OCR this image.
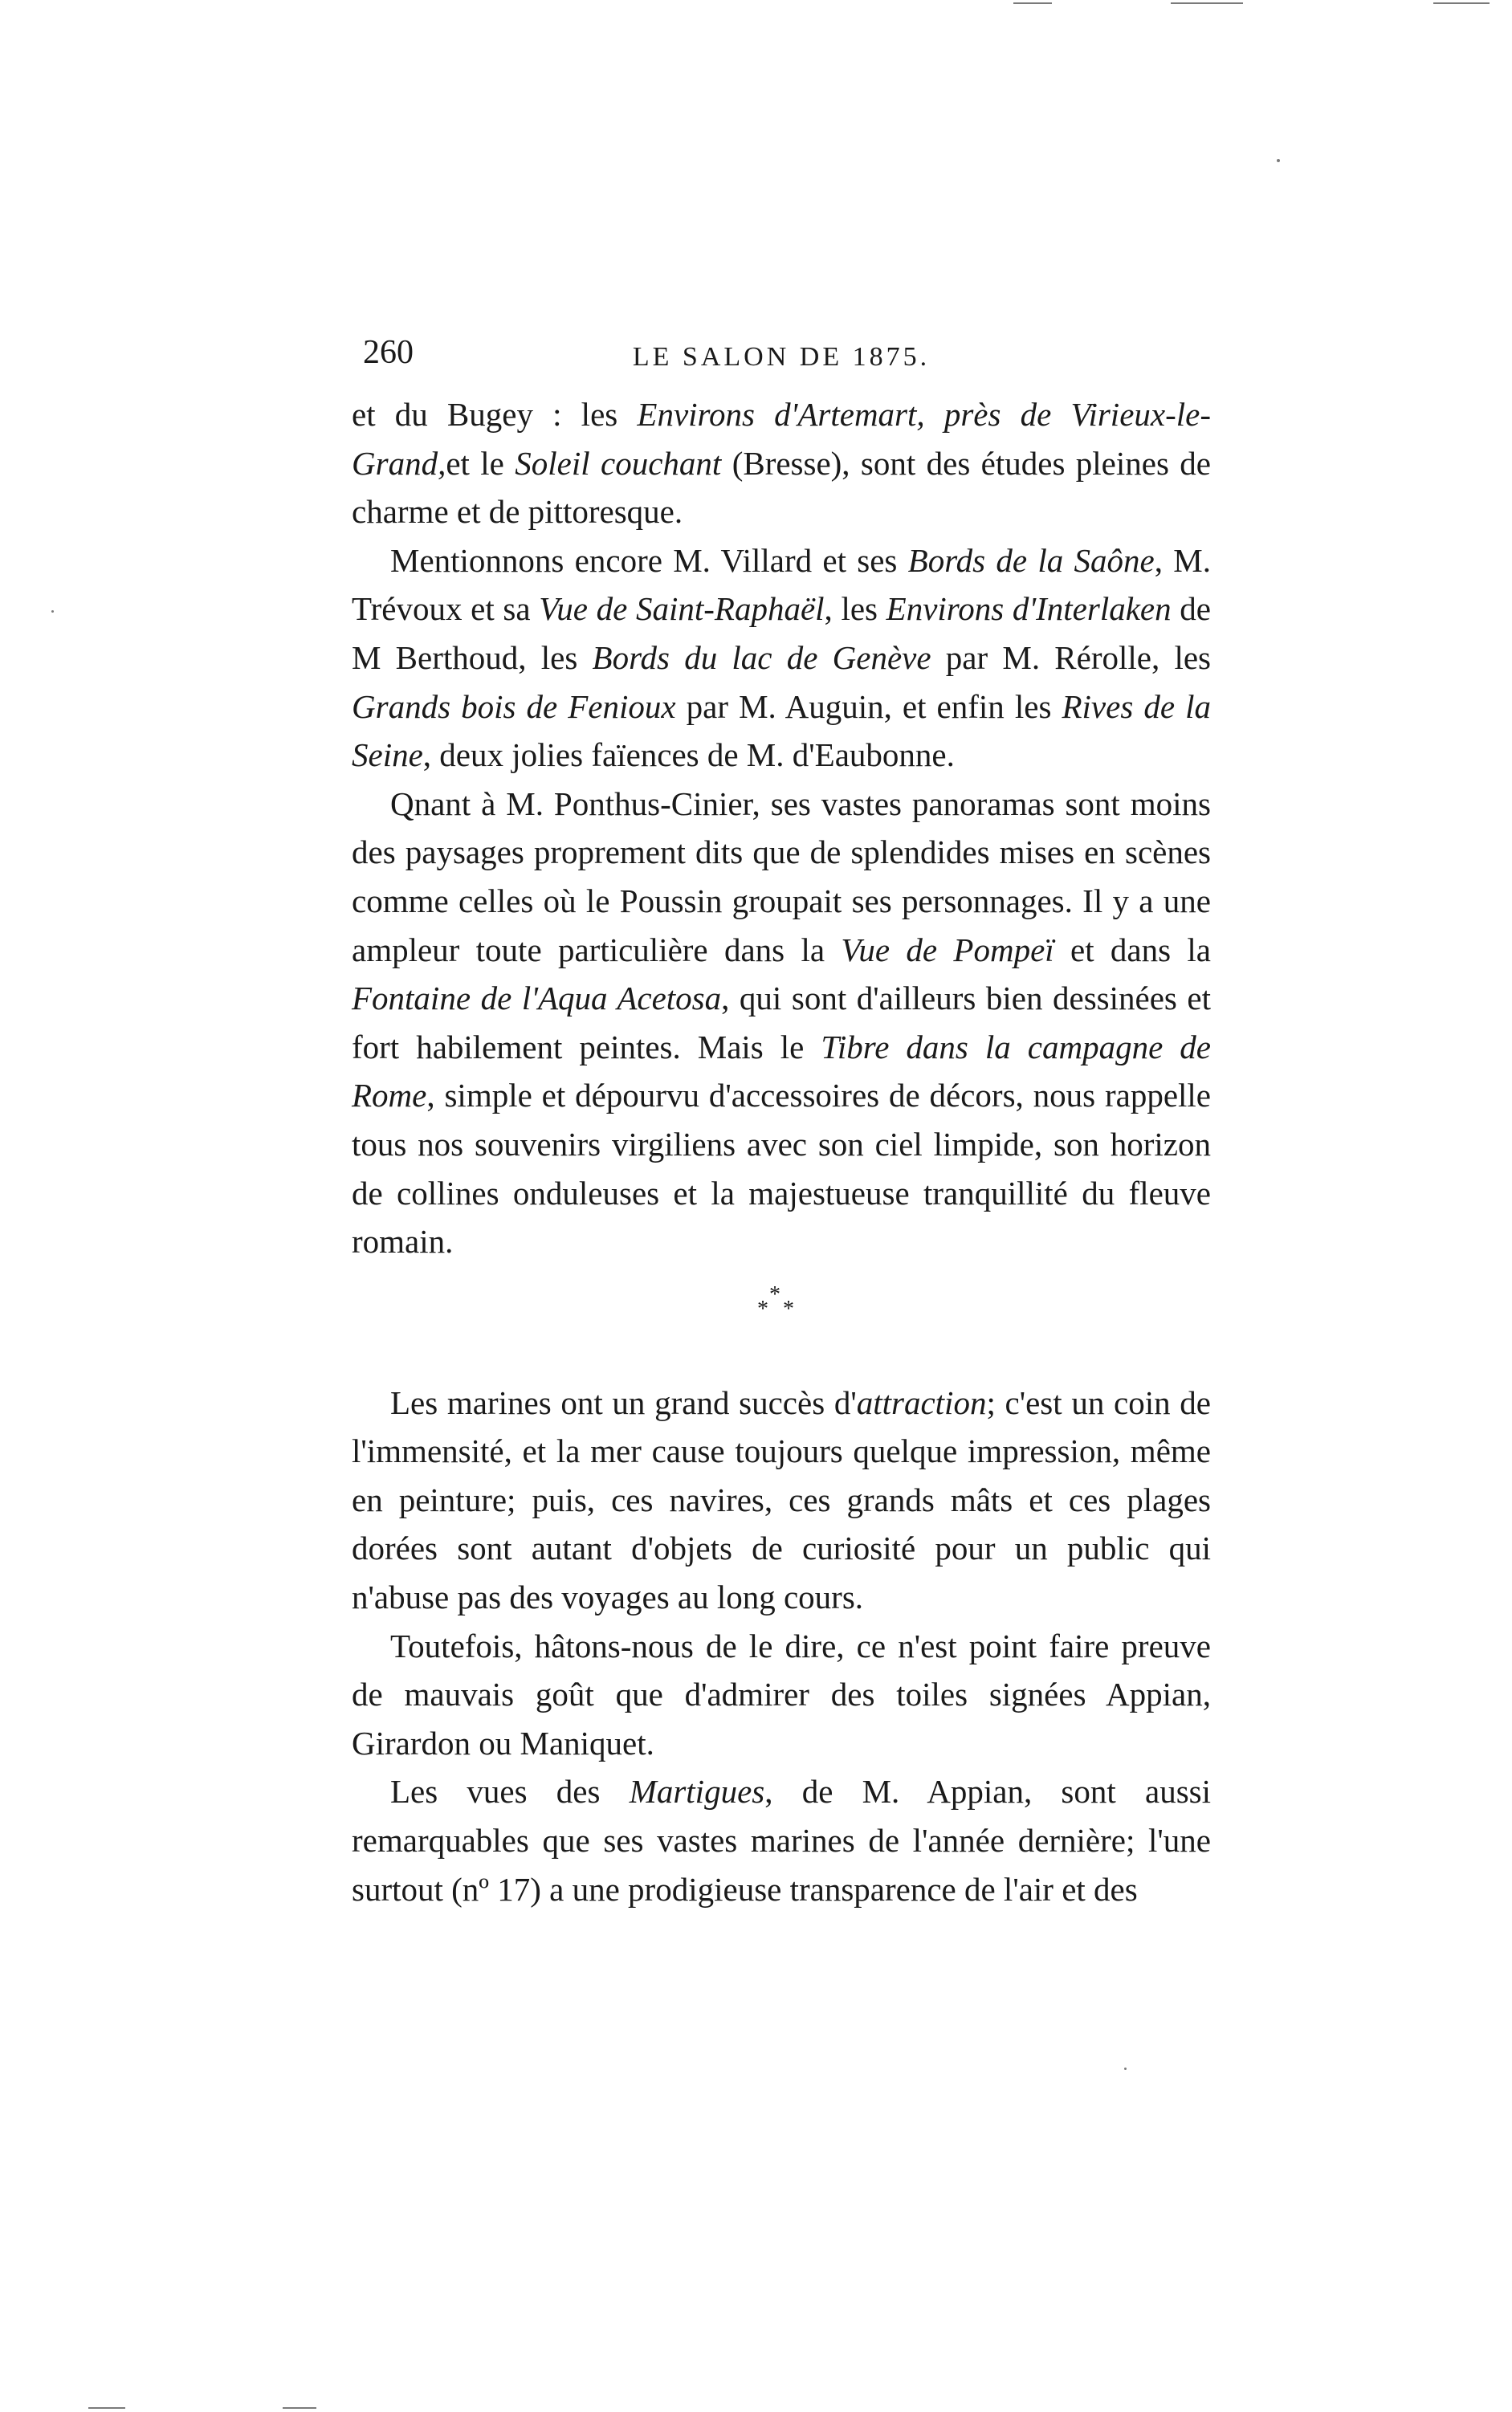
260	LE SALON DE 1875.

et du Bugey : les Environs d'Artemart, près de Virieux-le-Grand,et le Soleil couchant (Bresse), sont des études pleines de charme et de pittoresque.

Mentionnons encore M. Villard et ses Bords de la Saône, M. Trévoux et sa Vue de Saint-Raphaël, les Environs d'Interlaken de M Berthoud, les Bords du lac de Genève par M. Rérolle, les Grands bois de Fenioux par M. Auguin, et enfin les Rives de la Seine, deux jolies faïences de M. d'Eaubonne.

Qnant à M. Ponthus-Cinier, ses vastes panoramas sont moins des paysages proprement dits que de splendides mises en scènes comme celles où le Poussin groupait ses personnages. Il y a une ampleur toute particulière dans la Vue de Pompeï et dans la Fontaine de l'Aqua Acetosa, qui sont d'ailleurs bien dessinées et fort habilement peintes. Mais le Tibre dans la campagne de Rome, simple et dépourvu d'accessoires de décors, nous rappelle tous nos souvenirs virgiliens avec son ciel limpide, son horizon de collines onduleuses et la majestueuse tranquillité du fleuve romain.

*
* *

Les marines ont un grand succès d'attraction; c'est un coin de l'immensité, et la mer cause toujours quelque impression, même en peinture; puis, ces navires, ces grands mâts et ces plages dorées sont autant d'objets de curiosité pour un public qui n'abuse pas des voyages au long cours.

Toutefois, hâtons-nous de le dire, ce n'est point faire preuve de mauvais goût que d'admirer des toiles signées Appian, Girardon ou Maniquet.

Les vues des Martigues, de M. Appian, sont aussi remarquables que ses vastes marines de l'année dernière; l'une surtout (nº 17) a une prodigieuse transparence de l'air et des
